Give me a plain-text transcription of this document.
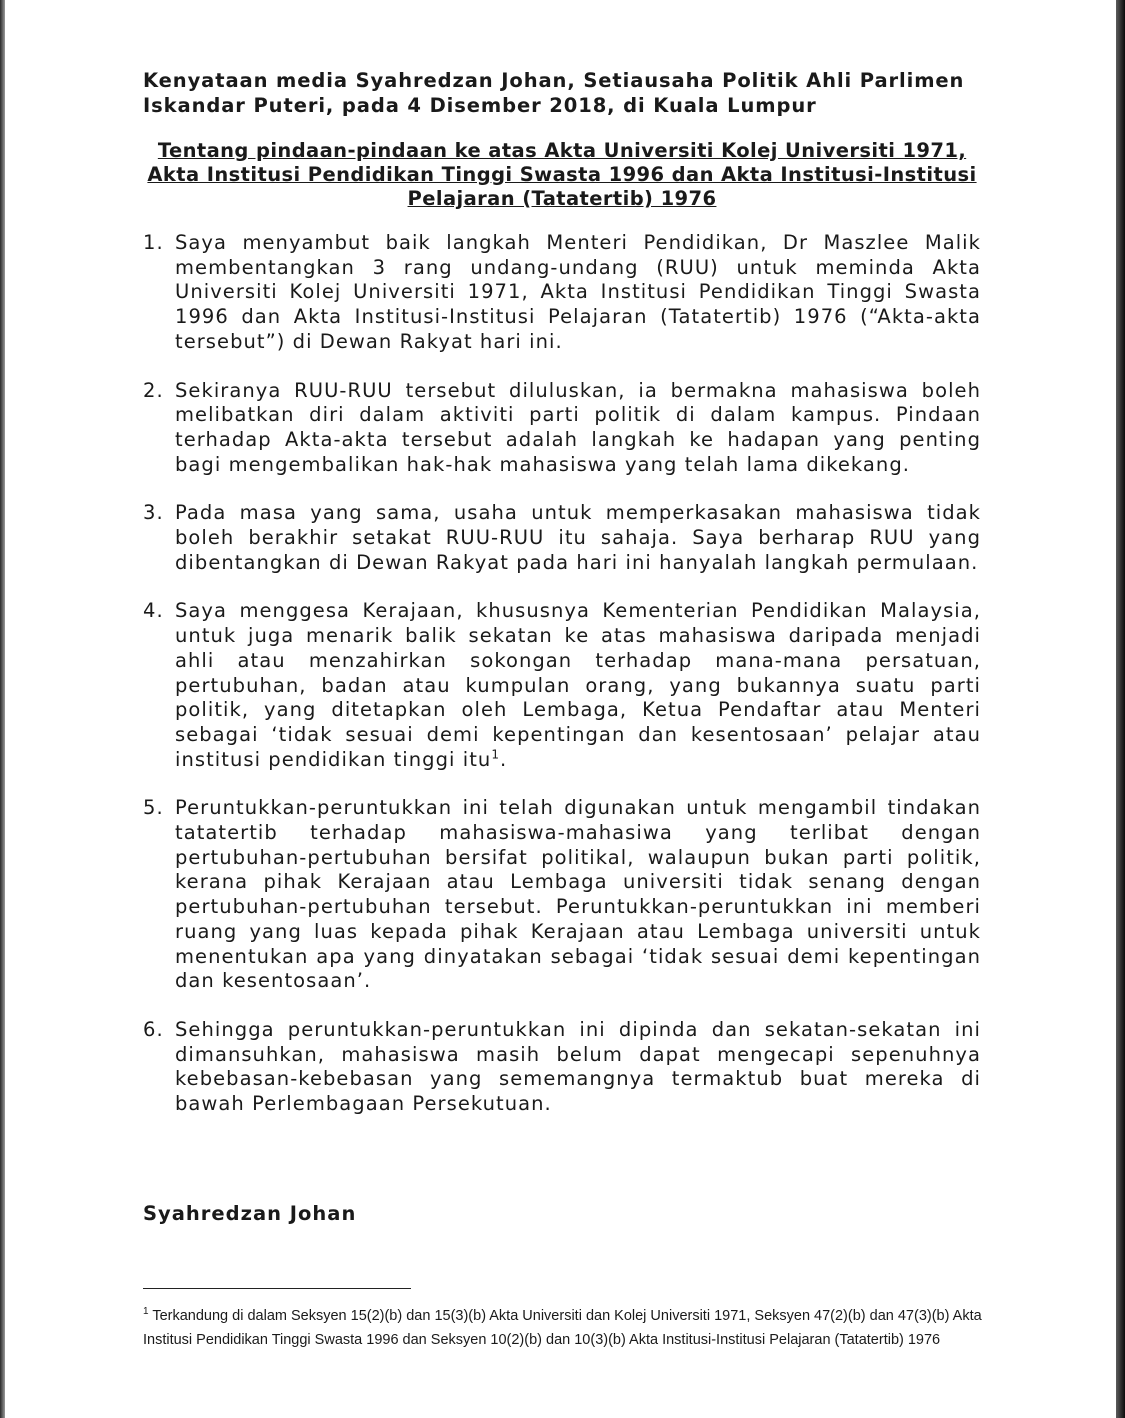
Kenyataan media Syahredzan Johan, Setiausaha Politik Ahli Parlimen Iskandar Puteri, pada 4 Disember 2018, di Kuala Lumpur

Tentang pindaan-pindaan ke atas Akta Universiti Kolej Universiti 1971, Akta Institusi Pendidikan Tinggi Swasta 1996 dan Akta Institusi-Institusi Pelajaran (Tatatertib) 1976

1. Saya menyambut baik langkah Menteri Pendidikan, Dr Maszlee Malik membentangkan 3 rang undang-undang (RUU) untuk meminda Akta Universiti Kolej Universiti 1971, Akta Institusi Pendidikan Tinggi Swasta 1996 dan Akta Institusi-Institusi Pelajaran (Tatatertib) 1976 (“Akta-akta tersebut”) di Dewan Rakyat hari ini.
2. Sekiranya RUU-RUU tersebut diluluskan, ia bermakna mahasiswa boleh melibatkan diri dalam aktiviti parti politik di dalam kampus. Pindaan terhadap Akta-akta tersebut adalah langkah ke hadapan yang penting bagi mengembalikan hak-hak mahasiswa yang telah lama dikekang.
3. Pada masa yang sama, usaha untuk memperkasakan mahasiswa tidak boleh berakhir setakat RUU-RUU itu sahaja. Saya berharap RUU yang dibentangkan di Dewan Rakyat pada hari ini hanyalah langkah permulaan.
4. Saya menggesa Kerajaan, khususnya Kementerian Pendidikan Malaysia, untuk juga menarik balik sekatan ke atas mahasiswa daripada menjadi ahli atau menzahirkan sokongan terhadap mana-mana persatuan, pertubuhan, badan atau kumpulan orang, yang bukannya suatu parti politik, yang ditetapkan oleh Lembaga, Ketua Pendaftar atau Menteri sebagai ‘tidak sesuai demi kepentingan dan kesentosaan’ pelajar atau institusi pendidikan tinggi itu$^1$.
5. Peruntukkan-peruntukkan ini telah digunakan untuk mengambil tindakan tatatertib terhadap mahasiswa-mahasiwa yang terlibat dengan pertubuhan-pertubuhan bersifat politikal, walaupun bukan parti politik, kerana pihak Kerajaan atau Lembaga universiti tidak senang dengan pertubuhan-pertubuhan tersebut. Peruntukkan-peruntukkan ini memberi ruang yang luas kepada pihak Kerajaan atau Lembaga universiti untuk menentukan apa yang dinyatakan sebagai ‘tidak sesuai demi kepentingan dan kesentosaan’.
6. Sehingga peruntukkan-peruntukkan ini dipinda dan sekatan-sekatan ini dimansuhkan, mahasiswa masih belum dapat mengecapi sepenuhnya kebebasan-kebebasan yang sememangnya termaktub buat mereka di bawah Perlembagaan Persekutuan.

Syahredzan Johan

$^1$ Terkandung di dalam Seksyen 15(2)(b) dan 15(3)(b) Akta Universiti dan Kolej Universiti 1971, Seksyen 47(2)(b) dan 47(3)(b) Akta Institusi Pendidikan Tinggi Swasta 1996 dan Seksyen 10(2)(b) dan 10(3)(b) Akta Institusi-Institusi Pelajaran (Tatatertib) 1976
